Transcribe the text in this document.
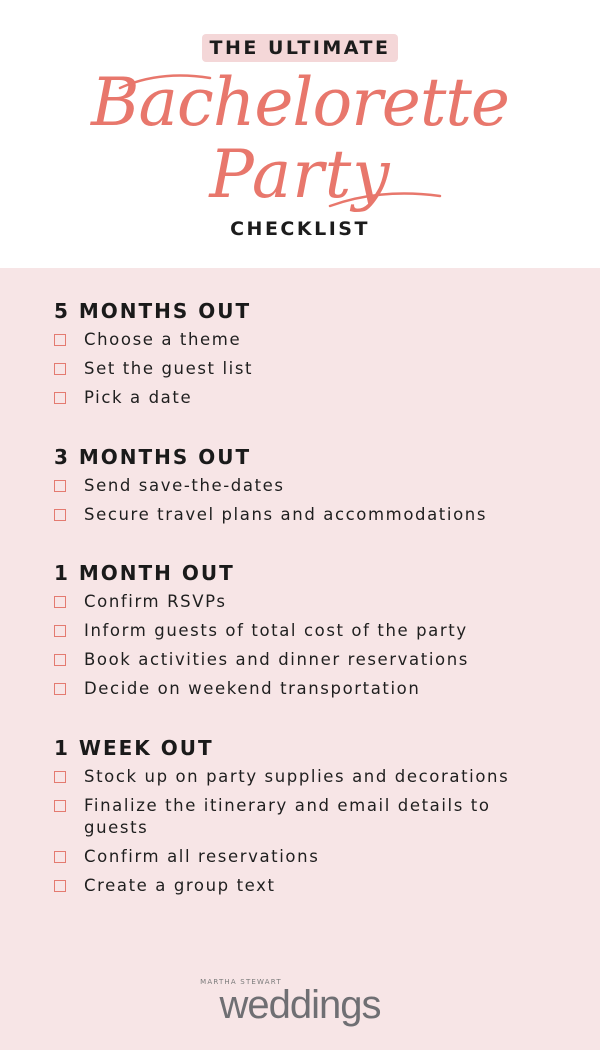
THE ULTIMATE
Bachelorette
Party
CHECKLIST
5 MONTHS OUT
Choose a theme
Set the guest list
Pick a date
3 MONTHS OUT
Send save-the-dates
Secure travel plans and accommodations
1 MONTH OUT
Confirm RSVPs
Inform guests of total cost of the party
Book activities and dinner reservations
Decide on weekend transportation
1 WEEK OUT
Stock up on party supplies and decorations
Finalize the itinerary and email details to guests
Confirm all reservations
Create a group text
MARTHA STEWART
weddings
